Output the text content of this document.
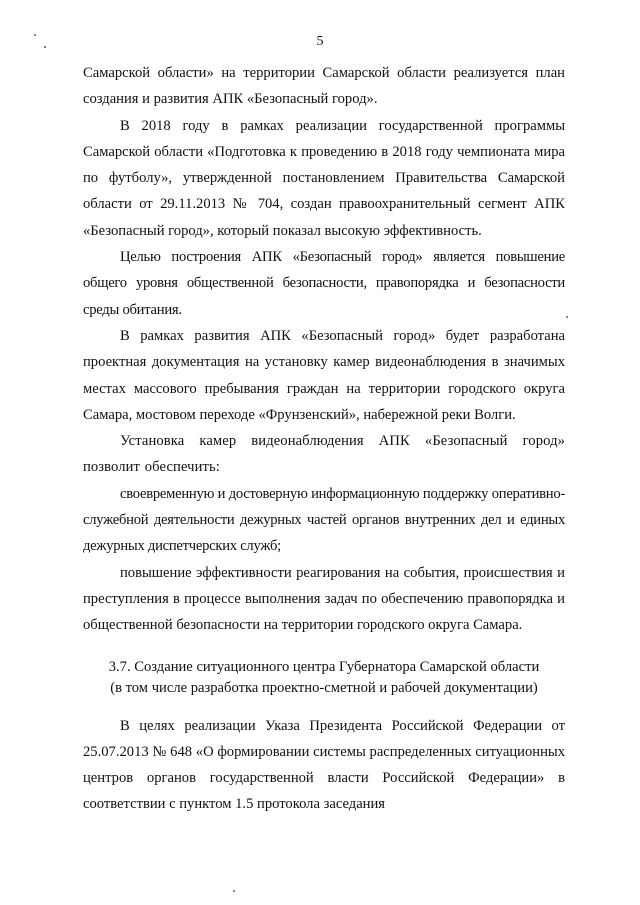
5

Самарской области» на территории Самарской области реализуется план создания и развития АПК «Безопасный город».

В 2018 году в рамках реализации государственной программы Самарской области «Подготовка к проведению в 2018 году чемпионата мира по футболу», утвержденной постановлением Правительства Самарской области от 29.11.2013 № 704, создан правоохранительный сегмент АПК «Безопасный город», который показал высокую эффективность.

Целью построения АПК «Безопасный город» является повышение общего уровня общественной безопасности, правопорядка и безопасности среды обитания.

В рамках развития АПК «Безопасный город» будет разработана проектная документация на установку камер видеонаблюдения в значимых местах массового пребывания граждан на территории городского округа Самара, мостовом переходе «Фрунзенский», набережной реки Волги.

Установка камер видеонаблюдения АПК «Безопасный город» позволит обеспечить:

своевременную и достоверную информационную поддержку оперативно-служебной деятельности дежурных частей органов внутренних дел и единых дежурных диспетчерских служб;

повышение эффективности реагирования на события, происшествия и преступления в процессе выполнения задач по обеспечению правопорядка и общественной безопасности на территории городского округа Самара.

3.7. Создание ситуационного центра Губернатора Самарской области
(в том числе разработка проектно-сметной и рабочей документации)

В целях реализации Указа Президента Российской Федерации от 25.07.2013 № 648 «О формировании системы распределенных ситуационных центров органов государственной власти Российской Федерации» в соответствии с пунктом 1.5 протокола заседания
